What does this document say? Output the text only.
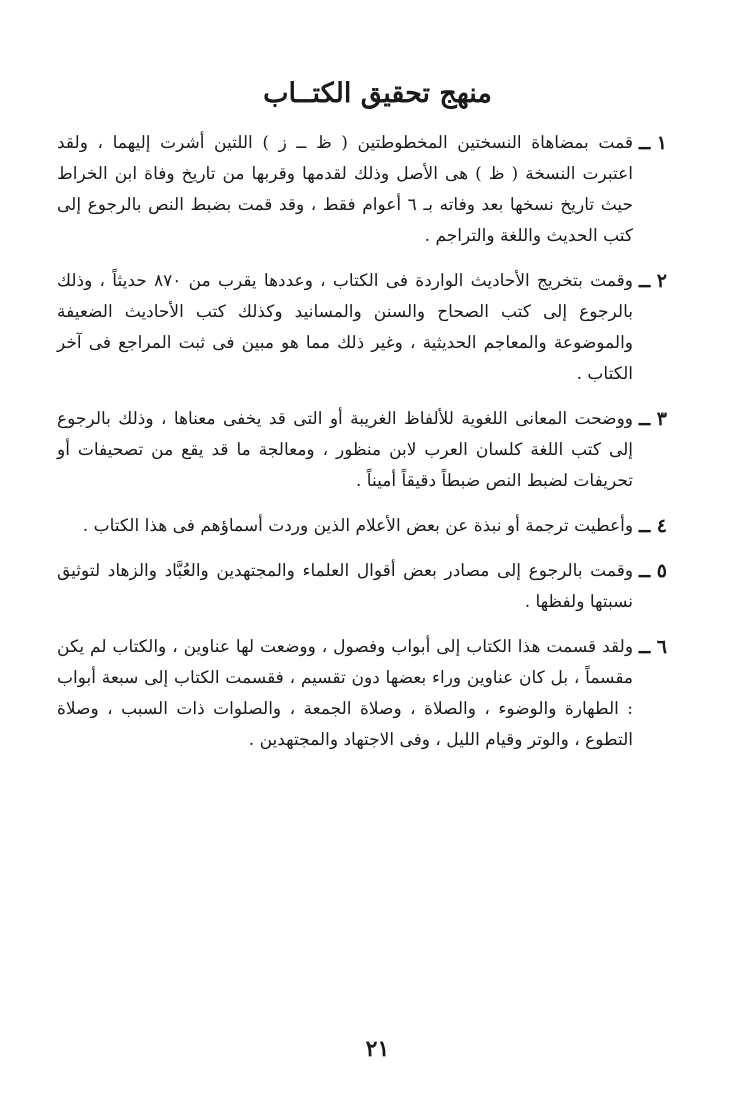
منهج تحقيق الكتــاب
١ ــ
قمت بمضاهاة النسختين المخطوطتين ( ظ ــ ز ) اللتين أشرت إليهما ، ولقد اعتبرت النسخة ( ظ ) هى الأصل وذلك لقدمها وقربها من تاريخ وفاة ابن الخراط حيث تاريخ نسخها بعد وفاته بـ ٦ أعوام فقط ، وقد قمت بضبط النص بالرجوع إلى كتب الحديث واللغة والتراجم .
٢ ــ
وقمت بتخريج الأحاديث الواردة فى الكتاب ، وعددها يقرب من ٨٧٠ حديثاً ، وذلك بالرجوع إلى كتب الصحاح والسنن والمسانيد وكذلك كتب الأحاديث الضعيفة والموضوعة والمعاجم الحديثية ، وغير ذلك مما هو مبين فى ثبت المراجع فى آخر الكتاب .
٣ ــ
ووضحت المعانى اللغوية للألفاظ الغريبة أو التى قد يخفى معناها ، وذلك بالرجوع إلى كتب اللغة كلسان العرب لابن منظور ، ومعالجة ما قد يقع من تصحيفات أو تحريفات لضبط النص ضبطاً دقيقاً أميناً .
٤ ــ
وأعطيت ترجمة أو نبذة عن بعض الأعلام الذين وردت أسماؤهم فى هذا الكتاب .
٥ ــ
وقمت بالرجوع إلى مصادر بعض أقوال العلماء والمجتهدين والعُبَّاد والزهاد لتوثيق نسبتها ولفظها .
٦ ــ
ولقد قسمت هذا الكتاب إلى أبواب وفصول ، ووضعت لها عناوين ، والكتاب لم يكن مقسماً ، بل كان عناوين وراء بعضها دون تقسيم ، فقسمت الكتاب إلى سبعة أبواب : الطهارة والوضوء ، والصلاة ، وصلاة الجمعة ، والصلوات ذات السبب ، وصلاة التطوع ، والوتر وقيام الليل ، وفى الاجتهاد والمجتهدين .
٢١
